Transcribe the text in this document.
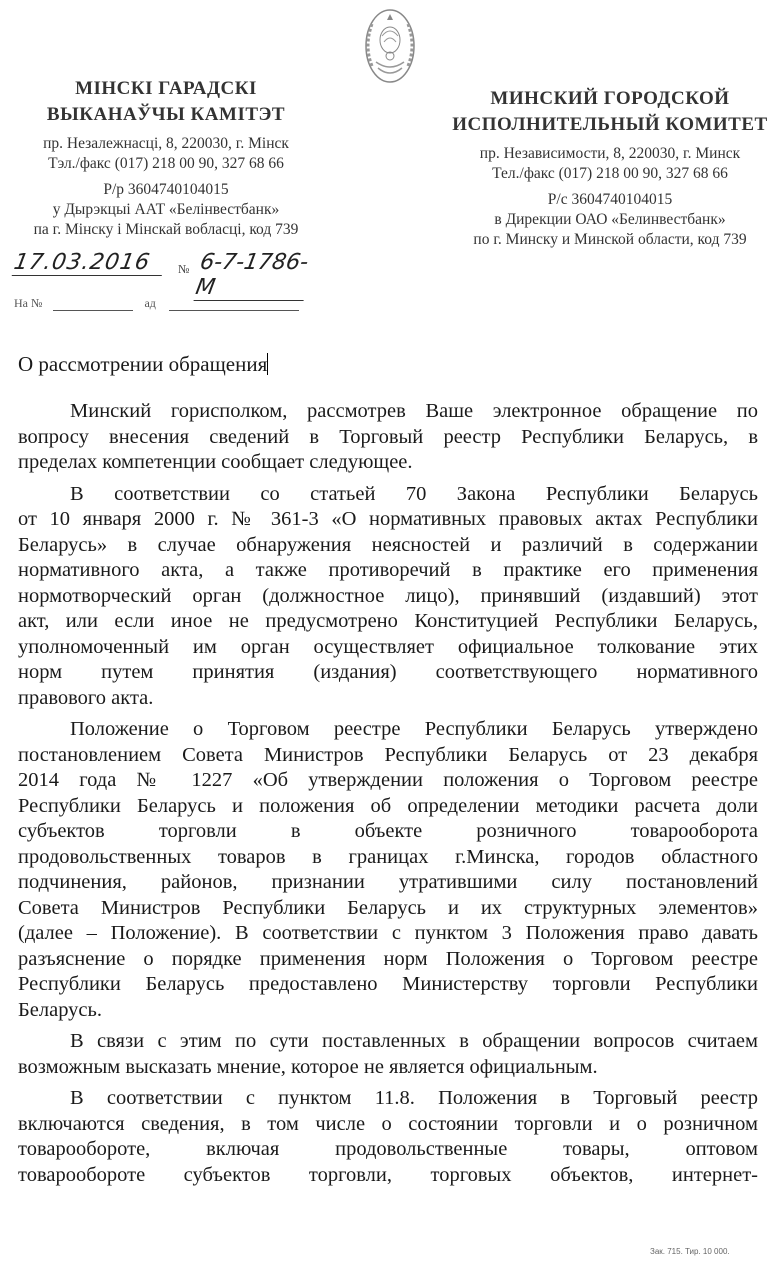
МІНСКІ ГАРАДСКІ
ВЫКАНАЎЧЫ КАМІТЭТ
пр. Незалежнасці, 8, 220030, г. Мінск
Тэл./факс (017) 218 00 90, 327 68 66
Р/р 3604740104015
у Дырэкцыі ААТ «Белінвестбанк»
па г. Мінску і Мінскай вобласці, код 739
МИНСКИЙ ГОРОДСКОЙ
ИСПОЛНИТЕЛЬНЫЙ КОМИТЕТ
пр. Независимости, 8, 220030, г. Минск
Тел./факс (017) 218 00 90, 327 68 66
Р/с 3604740104015
в Дирекции ОАО «Белинвестбанк»
по г. Минску и Минской области, код 739
17.03.2016	№ 6-7-1786-М
На №	ад
О рассмотрении обращения
Минский горисполком, рассмотрев Ваше электронное обращение по
вопросу внесения сведений в Торговый реестр Республики Беларусь, в
пределах компетенции сообщает следующее.
В соответствии со статьей 70 Закона Республики Беларусь
от 10 января 2000 г. № 361-3 «О нормативных правовых актах Республики
Беларусь» в случае обнаружения неясностей и различий в содержании
нормативного акта, а также противоречий в практике его применения
нормотворческий орган (должностное лицо), принявший (издавший) этот
акт, или если иное не предусмотрено Конституцией Республики Беларусь,
уполномоченный им орган осуществляет официальное толкование этих
норм путем принятия (издания) соответствующего нормативного
правового акта.
Положение о Торговом реестре Республики Беларусь утверждено
постановлением Совета Министров Республики Беларусь от 23 декабря
2014 года № 1227 «Об утверждении положения о Торговом реестре
Республики Беларусь и положения об определении методики расчета доли
субъектов торговли в объекте розничного товарооборота
продовольственных товаров в границах г.Минска, городов областного
подчинения, районов, признании утратившими силу постановлений
Совета Министров Республики Беларусь и их структурных элементов»
(далее – Положение). В соответствии с пунктом 3 Положения право давать
разъяснение о порядке применения норм Положения о Торговом реестре
Республики Беларусь предоставлено Министерству торговли Республики
Беларусь.
В связи с этим по сути поставленных в обращении вопросов считаем
возможным высказать мнение, которое не является официальным.
В соответствии с пунктом 11.8. Положения в Торговый реестр
включаются сведения, в том числе о состоянии торговли и о розничном
товарообороте, включая продовольственные товары, оптовом
товарообороте субъектов торговли, торговых объектов, интернет-
Зак. 715. Тир. 10 000.
